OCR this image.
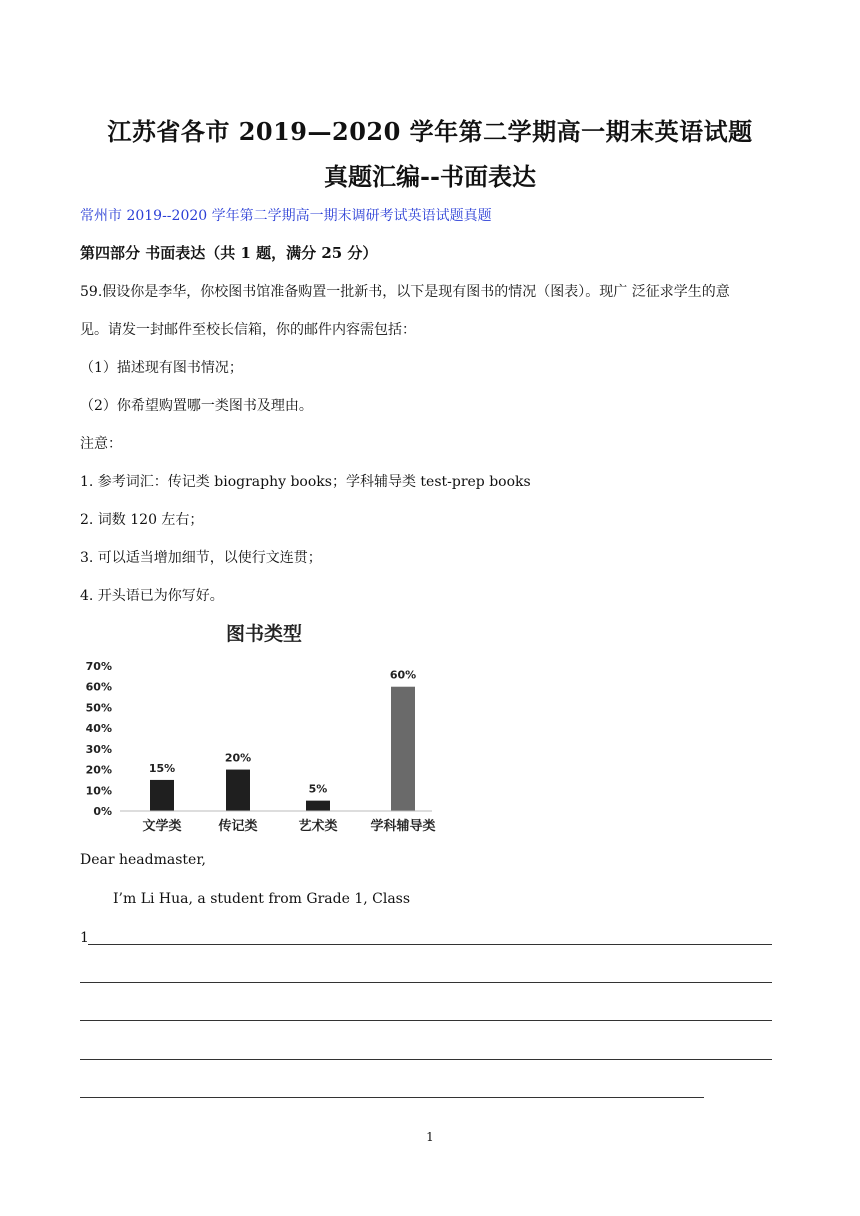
江苏省各市 2019—2020 学年第二学期高一期末英语试题
真题汇编--书面表达
常州市 2019--2020 学年第二学期高一期末调研考试英语试题真题
第四部分 书面表达（共 1 题，满分 25 分）
59.假设你是李华，你校图书馆准备购置一批新书，以下是现有图书的情况（图表）。现广 泛征求学生的意
见。请发一封邮件至校长信箱，你的邮件内容需包括：
（1）描述现有图书情况；
（2）你希望购置哪一类图书及理由。
注意：
1. 参考词汇：传记类 biography books；学科辅导类 test-prep books
2. 词数 120 左右；
3. 可以适当增加细节，以使行文连贯；
4. 开头语已为你写好。
图书类型
0%
10%
20%
30%
40%
50%
60%
70%
15%
20%
5%
60%
文学类	传记类	艺术类	学科辅导类
Dear headmaster,
I’m Li Hua, a student from Grade 1, Class
1
1
